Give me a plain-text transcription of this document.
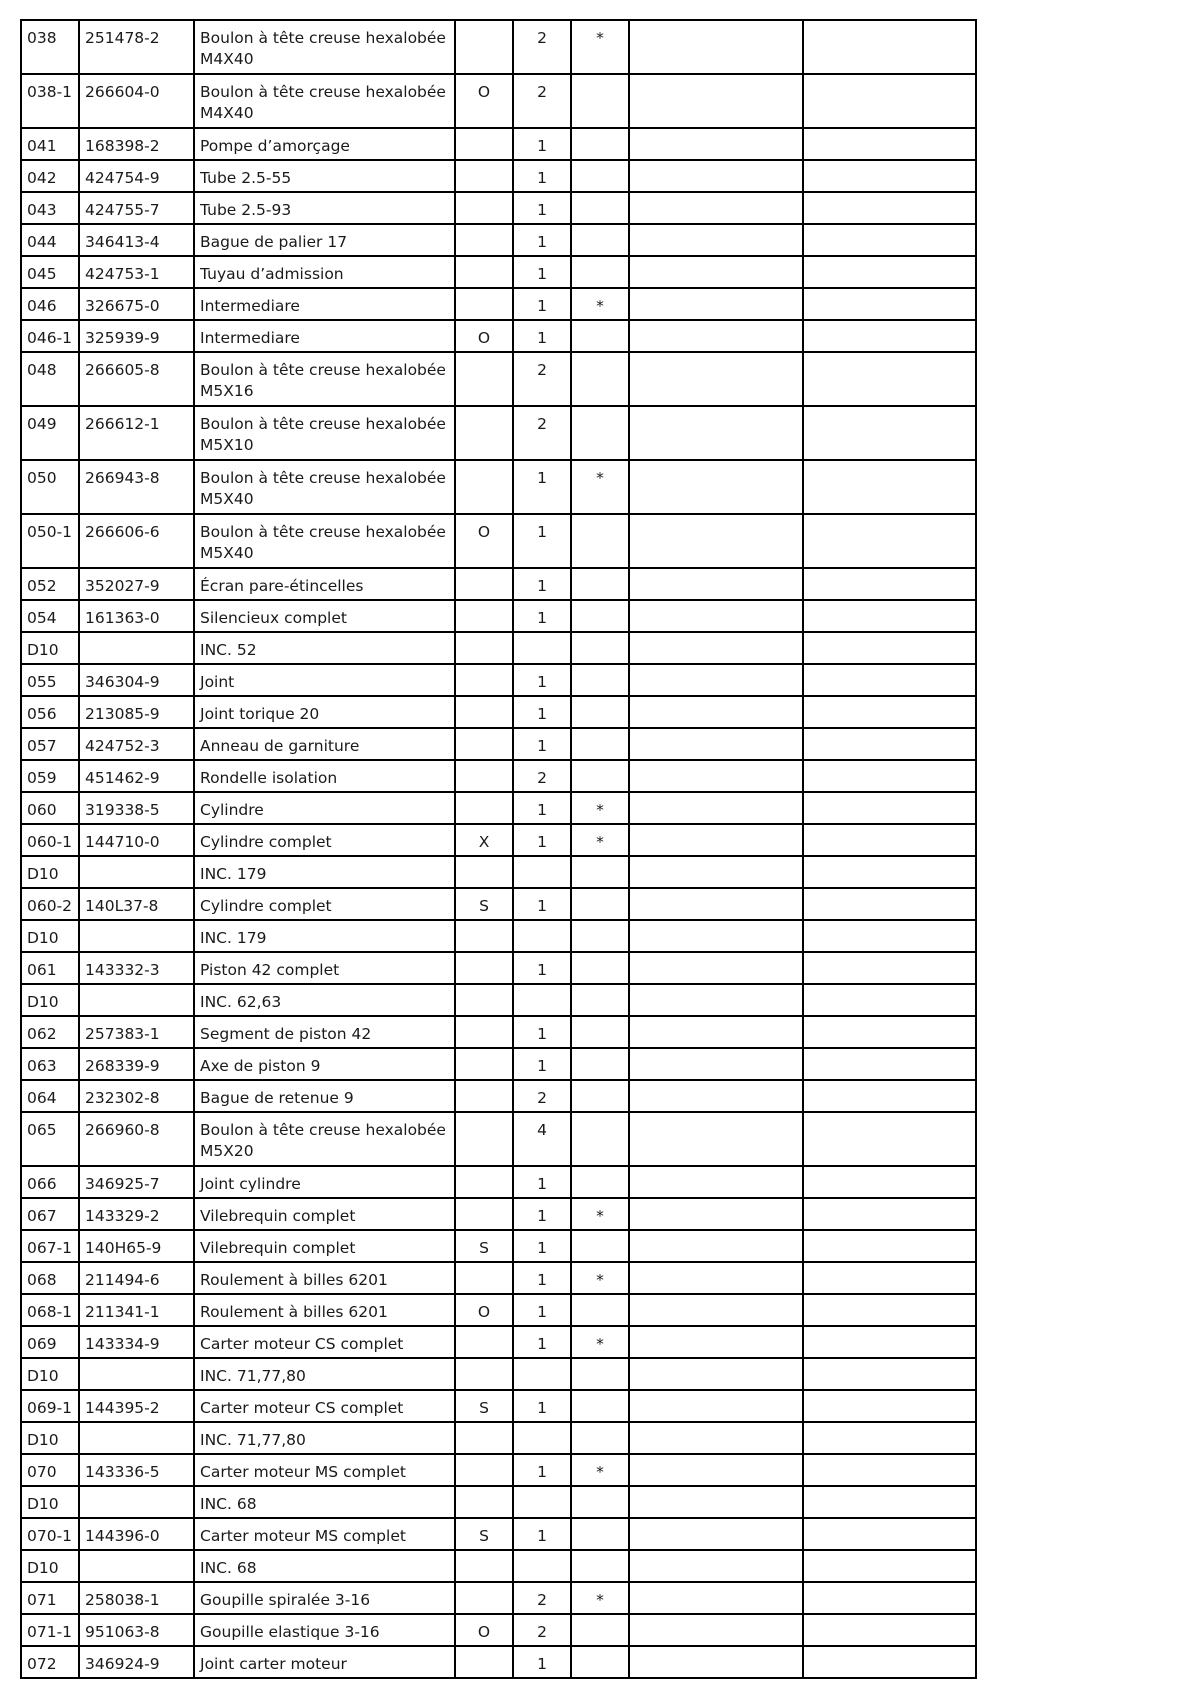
038	251478-2	Boulon à tête creuse hexalobée M4X40		2	*		
038-1	266604-0	Boulon à tête creuse hexalobée M4X40	O	2			
041	168398-2	Pompe d’amorçage		1			
042	424754-9	Tube 2.5-55		1			
043	424755-7	Tube 2.5-93		1			
044	346413-4	Bague de palier 17		1			
045	424753-1	Tuyau d’admission		1			
046	326675-0	Intermediare		1	*		
046-1	325939-9	Intermediare	O	1			
048	266605-8	Boulon à tête creuse hexalobée M5X16		2			
049	266612-1	Boulon à tête creuse hexalobée M5X10		2			
050	266943-8	Boulon à tête creuse hexalobée M5X40		1	*		
050-1	266606-6	Boulon à tête creuse hexalobée M5X40	O	1			
052	352027-9	Écran pare-étincelles		1			
054	161363-0	Silencieux complet		1			
D10		INC. 52					
055	346304-9	Joint		1			
056	213085-9	Joint torique 20		1			
057	424752-3	Anneau de garniture		1			
059	451462-9	Rondelle isolation		2			
060	319338-5	Cylindre		1	*		
060-1	144710-0	Cylindre complet	X	1	*		
D10		INC. 179					
060-2	140L37-8	Cylindre complet	S	1			
D10		INC. 179					
061	143332-3	Piston 42 complet		1			
D10		INC. 62,63					
062	257383-1	Segment de piston 42		1			
063	268339-9	Axe de piston 9		1			
064	232302-8	Bague de retenue 9		2			
065	266960-8	Boulon à tête creuse hexalobée M5X20		4			
066	346925-7	Joint cylindre		1			
067	143329-2	Vilebrequin complet		1	*		
067-1	140H65-9	Vilebrequin complet	S	1			
068	211494-6	Roulement à billes 6201		1	*		
068-1	211341-1	Roulement à billes 6201	O	1			
069	143334-9	Carter moteur CS complet		1	*		
D10		INC. 71,77,80					
069-1	144395-2	Carter moteur CS complet	S	1			
D10		INC. 71,77,80					
070	143336-5	Carter moteur MS complet		1	*		
D10		INC. 68					
070-1	144396-0	Carter moteur MS complet	S	1			
D10		INC. 68					
071	258038-1	Goupille spiralée 3-16		2	*		
071-1	951063-8	Goupille elastique 3-16	O	2			
072	346924-9	Joint carter moteur		1			
